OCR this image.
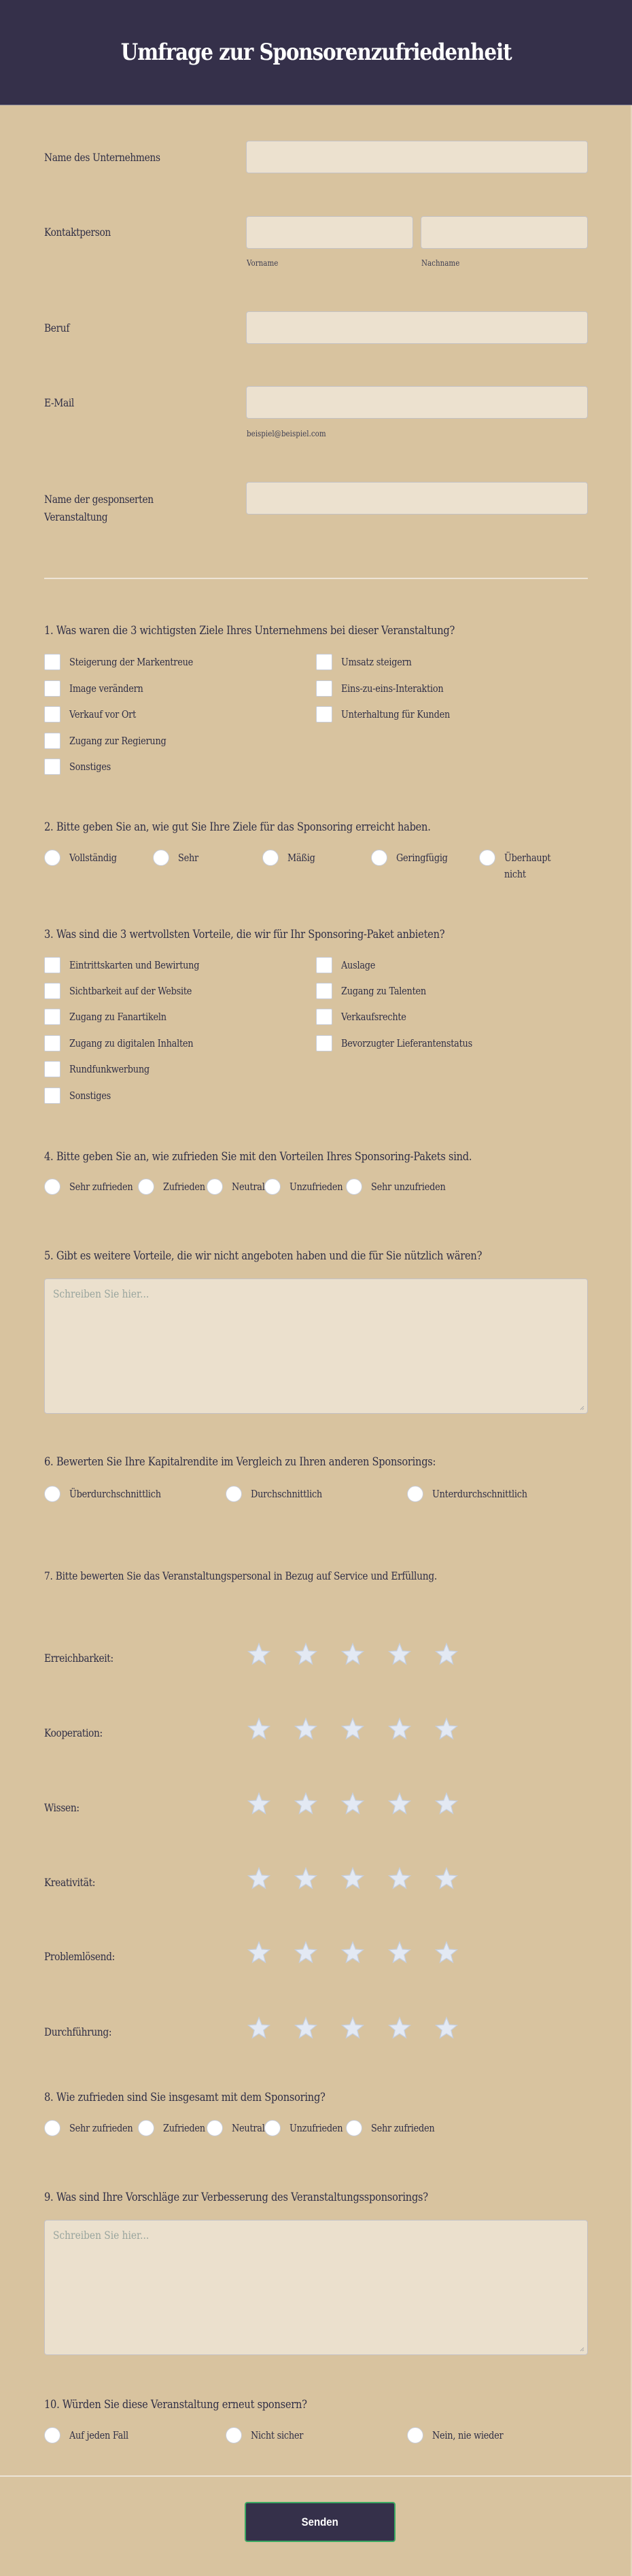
Umfrage zur Sponsorenzufriedenheit
Name des Unternehmens
Kontaktperson
Vorname	Nachname
Beruf
E-Mail
beispiel@beispiel.com
Name der gesponserten
Veranstaltung
1. Was waren die 3 wichtigsten Ziele Ihres Unternehmens bei dieser Veranstaltung?
Steigerung der Markentreue	Umsatz steigern
Image verändern	Eins-zu-eins-Interaktion
Verkauf vor Ort	Unterhaltung für Kunden
Zugang zur Regierung
Sonstiges
2. Bitte geben Sie an, wie gut Sie Ihre Ziele für das Sponsoring erreicht haben.
Vollständig	Sehr	Mäßig	Geringfügig	Überhaupt nicht
3. Was sind die 3 wertvollsten Vorteile, die wir für Ihr Sponsoring-Paket anbieten?
Eintrittskarten und Bewirtung	Auslage
Sichtbarkeit auf der Website	Zugang zu Talenten
Zugang zu Fanartikeln	Verkaufsrechte
Zugang zu digitalen Inhalten	Bevorzugter Lieferantenstatus
Rundfunkwerbung
Sonstiges
4. Bitte geben Sie an, wie zufrieden Sie mit den Vorteilen Ihres Sponsoring-Pakets sind.
Sehr zufrieden	Zufrieden	Neutral Unzufrieden	Sehr unzufrieden
5. Gibt es weitere Vorteile, die wir nicht angeboten haben und die für Sie nützlich wären?
Schreiben Sie hier...
6. Bewerten Sie Ihre Kapitalrendite im Vergleich zu Ihren anderen Sponsorings:
Überdurchschnittlich	Durchschnittlich	Unterdurchschnittlich
7. Bitte bewerten Sie das Veranstaltungspersonal in Bezug auf Service und Erfüllung.
Erreichbarkeit:
Kooperation:
Wissen:
Kreativität:
Problemlösend:
Durchführung:
8. Wie zufrieden sind Sie insgesamt mit dem Sponsoring?
Sehr zufrieden	Zufrieden	Neutral Unzufrieden	Sehr zufrieden
9. Was sind Ihre Vorschläge zur Verbesserung des Veranstaltungssponsorings?
Schreiben Sie hier...
10. Würden Sie diese Veranstaltung erneut sponsern?
Auf jeden Fall	Nicht sicher	Nein, nie wieder
Senden
